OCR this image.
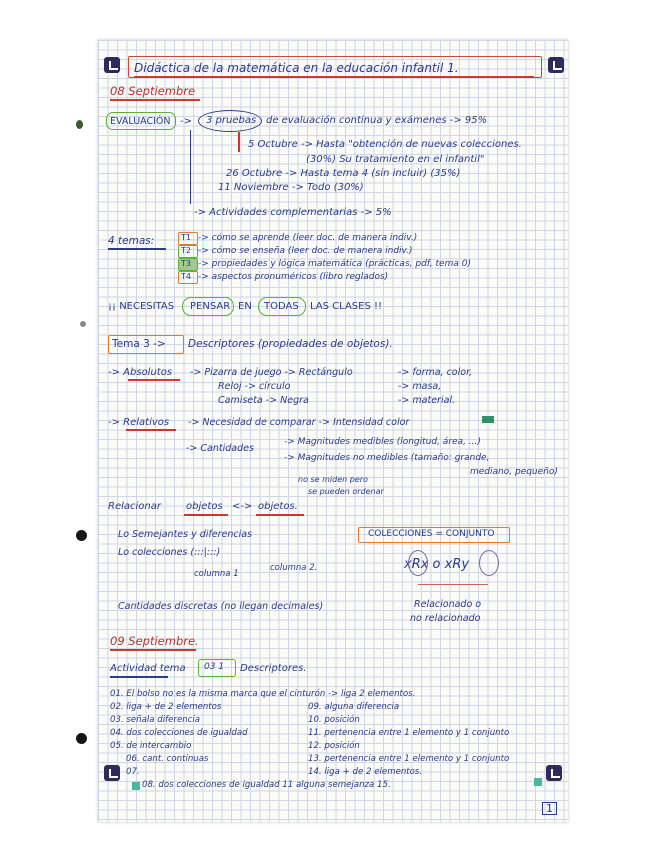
Didáctica de la matemática en la educación infantil 1.
08 Septiembre
EVALUACIÓN -> 3 pruebas de evaluación continua y exámenes -> 95%
5 Octubre -> Hasta "obtención de nuevas colecciones.
(30%) Su tratamiento en el infantil"
26 Octubre -> Hasta tema 4 (sin incluir) (35%)
11 Noviembre -> Todo (30%)
-> Actividades complementarias -> 5%
4 temas:	T1 -> cómo se aprende (leer doc. de manera indiv.)
T2 -> cómo se enseña (leer doc. de manera indiv.)
T3 -> propiedades y lógica matemática (prácticas, pdf, tema 0)
T4 -> aspectos pronuméricos (libro reglados)
¡¡ NECESITAS PENSAR EN TODAS LAS CLASES !!
Tema 3 -> Descriptores (propiedades de objetos).
-> Absolutos -> Pizarra de juego -> Rectángulo	-> forma, color,
Reloj -> círculo	-> masa,
Camiseta -> Negra	-> material.
-> Relativos -> Necesidad de comparar -> Intensidad color
-> Cantidades
-> Magnitudes medibles (longitud, área, ...)
-> Magnitudes no medibles (tamaño: grande,
mediano, pequeño)
no se miden pero
se pueden ordenar
Relacionar	objetos <-> objetos.
Lo Semejantes y diferencias
Lo colecciones (:::|:::)
columna 1
columna 2.
COLECCIONES = CONJUNTO
xRx o xRy
Relacionado o
no relacionado
Cantidades discretas (no llegan decimales)
09 Septiembre.
Actividad tema 03 1 Descriptores.
01. El bolso no es la misma marca que el cinturón -> liga 2 elementos.
02. liga + de 2 elementos
03. señala diferencia
04. dos colecciones de igualdad
05. de intercambio
06. cant. continuas
07.
08. dos colecciones de igualdad 11 alguna semejanza 15.
09. alguna diferencia
10. posición
11. pertenencia entre 1 elemento y 1 conjunto
12. posición
13. pertenencia entre 1 elemento y 1 conjunto
14. liga + de 2 elementos.
1
